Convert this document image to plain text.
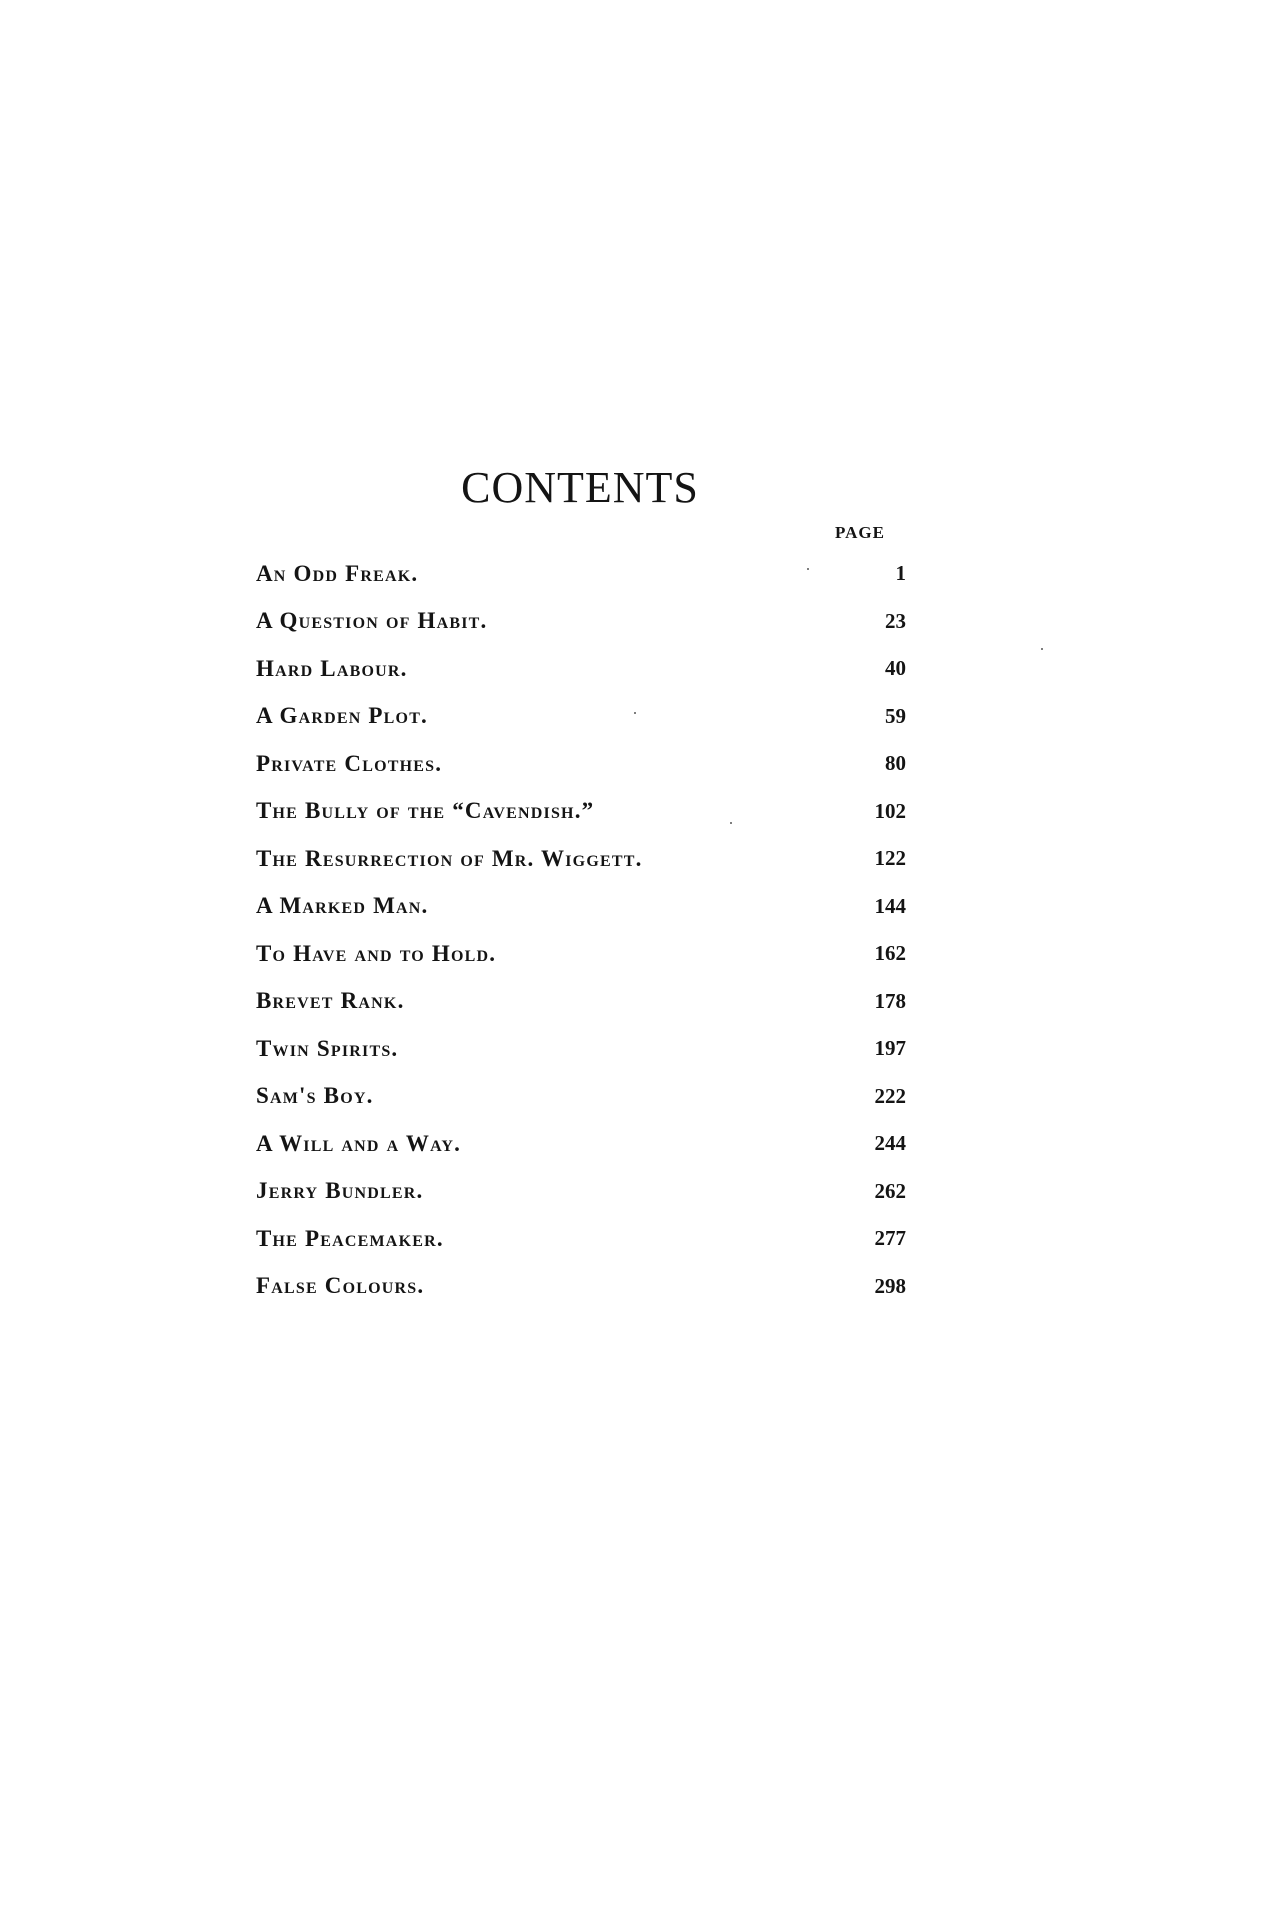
CONTENTS
PAGE
An Odd Freak.	1
A Question of Habit.	23
Hard Labour.	40
A Garden Plot.	59
Private Clothes.	80
The Bully of the “Cavendish.”	102
The Resurrection of Mr. Wiggett.	122
A Marked Man.	144
To Have and to Hold.	162
Brevet Rank.	178
Twin Spirits.	197
Sam's Boy.	222
A Will and a Way.	244
Jerry Bundler.	262
The Peacemaker.	277
False Colours.	298
